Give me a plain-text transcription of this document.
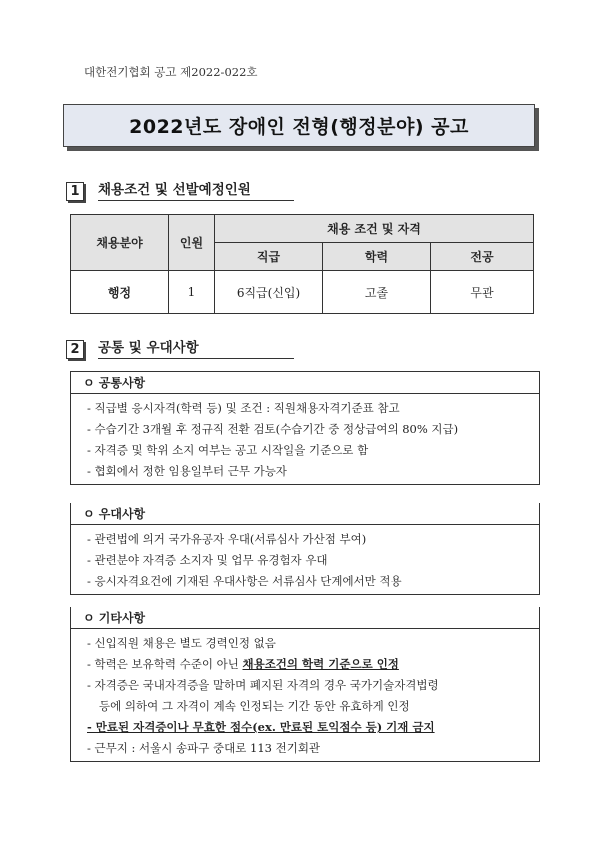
대한전기협회 공고 제2022-022호
2022년도 장애인 전형(행정분야) 공고
1	채용조건 및 선발예정인원
채용분야	인원	채용 조건 및 자격		
		직급	학력	전공
행정	1	6직급(신입)	고졸	무관
2	공통 및 우대사항
ㅇ 공통사항
- 직급별 응시자격(학력 등) 및 조건 : 직원채용자격기준표 참고
- 수습기간 3개월 후 정규직 전환 검토(수습기간 중 정상급여의 80% 지급)
- 자격증 및 학위 소지 여부는 공고 시작일을 기준으로 함
- 협회에서 정한 임용일부터 근무 가능자
ㅇ 우대사항
- 관련법에 의거 국가유공자 우대(서류심사 가산점 부여)
- 관련분야 자격증 소지자 및 업무 유경험자 우대
- 응시자격요건에 기재된 우대사항은 서류심사 단계에서만 적용
ㅇ 기타사항
- 신입직원 채용은 별도 경력인정 없음
- 학력은 보유학력 수준이 아닌 채용조건의 학력 기준으로 인정
- 자격증은 국내자격증을 말하며 폐지된 자격의 경우 국가기술자격법령
등에 의하여 그 자격이 계속 인정되는 기간 동안 유효하게 인정
- 만료된 자격증이나 무효한 점수(ex. 만료된 토익점수 등) 기재 금지
- 근무지 : 서울시 송파구 중대로 113 전기회관
